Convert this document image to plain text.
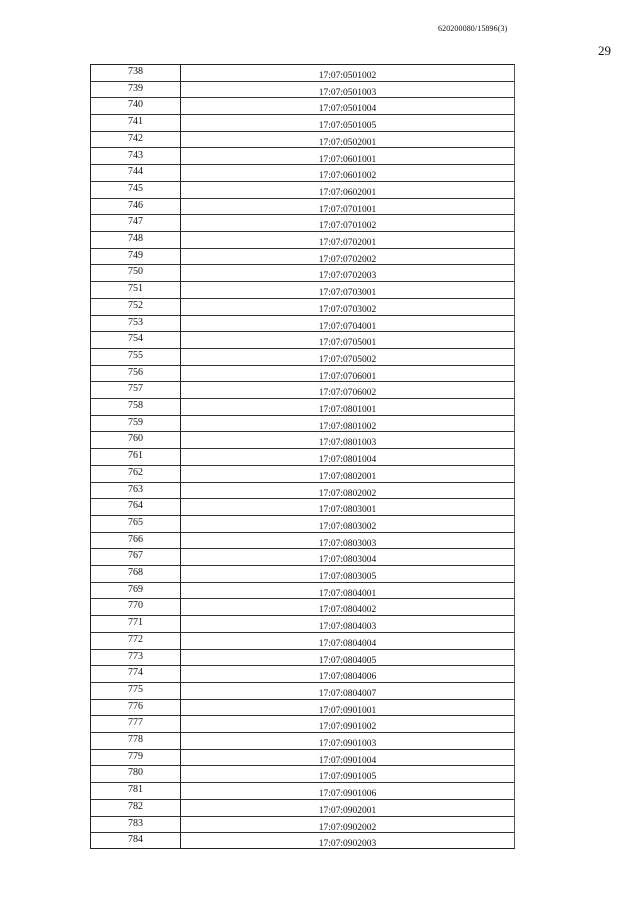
620200080/15896(3)
29
738	17:07:0501002
739	17:07:0501003
740	17:07:0501004
741	17:07:0501005
742	17:07:0502001
743	17:07:0601001
744	17:07:0601002
745	17:07:0602001
746	17:07:0701001
747	17:07:0701002
748	17:07:0702001
749	17:07:0702002
750	17:07:0702003
751	17:07:0703001
752	17:07:0703002
753	17:07:0704001
754	17:07:0705001
755	17:07:0705002
756	17:07:0706001
757	17:07:0706002
758	17:07:0801001
759	17:07:0801002
760	17:07:0801003
761	17:07:0801004
762	17:07:0802001
763	17:07:0802002
764	17:07:0803001
765	17:07:0803002
766	17:07:0803003
767	17:07:0803004
768	17:07:0803005
769	17:07:0804001
770	17:07:0804002
771	17:07:0804003
772	17:07:0804004
773	17:07:0804005
774	17:07:0804006
775	17:07:0804007
776	17:07:0901001
777	17:07:0901002
778	17:07:0901003
779	17:07:0901004
780	17:07:0901005
781	17:07:0901006
782	17:07:0902001
783	17:07:0902002
784	17:07:0902003
